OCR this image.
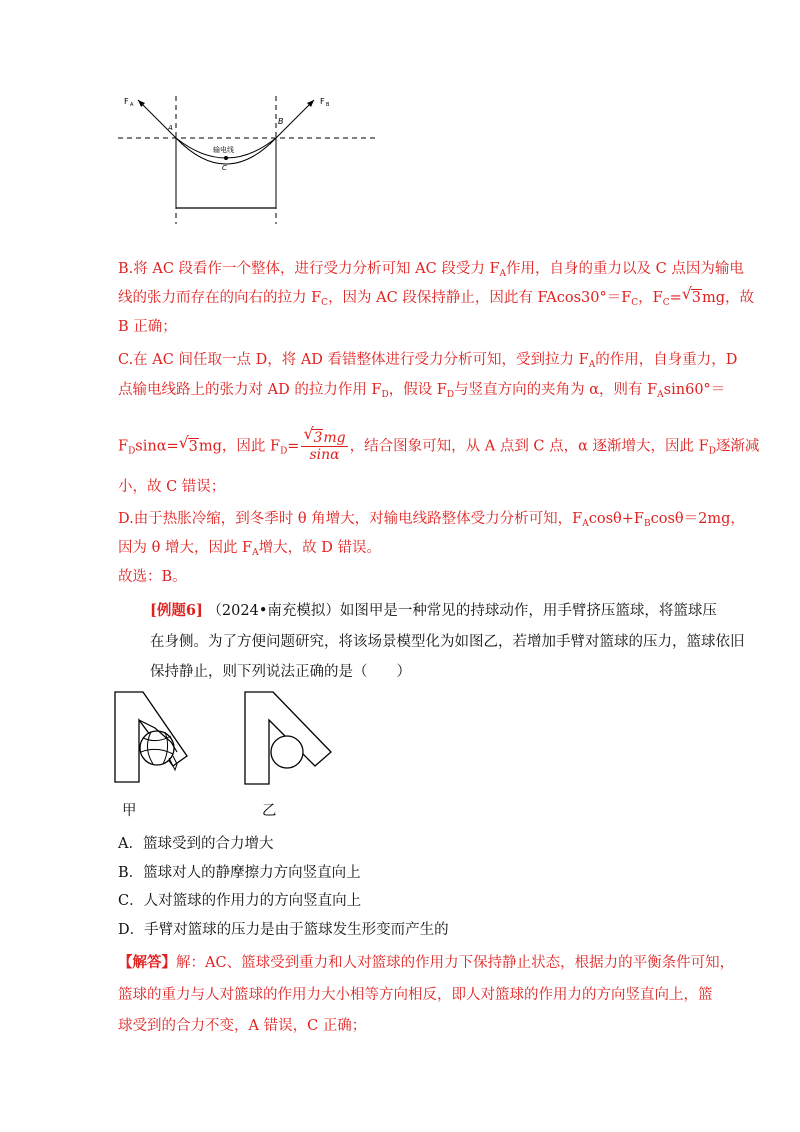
F A	F B
A
B
C
输电线
B.将 AC 段看作一个整体，进行受力分析可知 AC 段受力 $F_A$作用，自身的重力以及 C 点因为输电
线的张力而存在的向右的拉力 $F_C$，因为 AC 段保持静止，因此有 $FAcos30^\circ=F_C$，$F_C=$ √ 3mg，故
B 正确；
C.在 AC 间任取一点 D，将 AD 看错整体进行受力分析可知，受到拉力 $F_A$的作用，自身重力，D
点输电线路上的张力对 AD 的拉力作用 $F_D$，假设 $F_D$与竖直方向的夹角为 α，则有 $F_A\sin 60^\circ=$
$F_D\sin\alpha=$ √ 3mg，因此 $F_D= \frac{√ 3mg}{\sin\alpha}$ ，结合图象可知，从 A 点到 C 点，α 逐渐增大，因此 $F_D$逐渐减
小，故 C 错误；
D.由于热胀冷缩，到冬季时 θ 角增大，对输电线路整体受力分析可知，$F_A\cos\theta+F_B\cos\theta=2mg$，
因为 θ 增大，因此 $F_A$增大，故 D 错误。
故选：B。
[例题6] （2024•南充模拟）如图甲是一种常见的持球动作，用手臂挤压篮球，将篮球压
在身侧。为了方便问题研究，将该场景模型化为如图乙，若增加手臂对篮球的压力，篮球依旧
保持静止，则下列说法正确的是（　　）
甲	乙
A．篮球受到的合力增大
B．篮球对人的静摩擦力方向竖直向上
C．人对篮球的作用力的方向竖直向上
D．手臂对篮球的压力是由于篮球发生形变而产生的
【解答】解：AC、篮球受到重力和人对篮球的作用力下保持静止状态，根据力的平衡条件可知，
篮球的重力与人对篮球的作用力大小相等方向相反，即人对篮球的作用力的方向竖直向上，篮
球受到的合力不变，A 错误，C 正确；
